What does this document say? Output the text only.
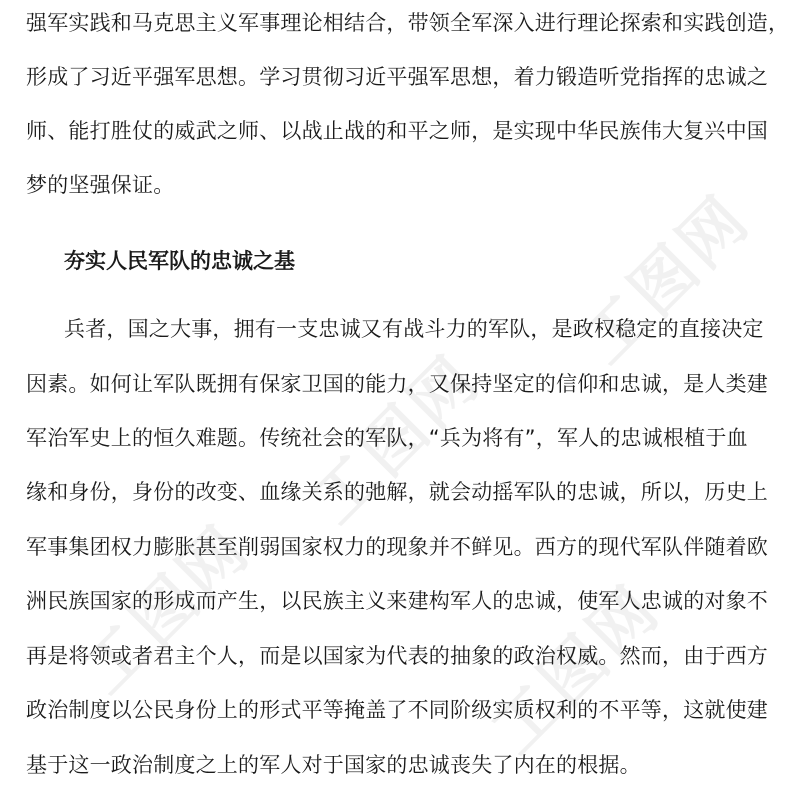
工图网
工图网
工图网	工图网
强军实践和马克思主义军事理论相结合，带领全军深入进行理论探索和实践创造，
形成了习近平强军思想。学习贯彻习近平强军思想，着力锻造听党指挥的忠诚之
师、能打胜仗的威武之师、以战止战的和平之师，是实现中华民族伟大复兴中国
梦的坚强保证。
夯实人民军队的忠诚之基
兵者，国之大事，拥有一支忠诚又有战斗力的军队，是政权稳定的直接决定
因素。如何让军队既拥有保家卫国的能力，又保持坚定的信仰和忠诚，是人类建
军治军史上的恒久难题。传统社会的军队，“兵为将有”，军人的忠诚根植于血
缘和身份，身份的改变、血缘关系的弛解，就会动摇军队的忠诚，所以，历史上
军事集团权力膨胀甚至削弱国家权力的现象并不鲜见。西方的现代军队伴随着欧
洲民族国家的形成而产生，以民族主义来建构军人的忠诚，使军人忠诚的对象不
再是将领或者君主个人，而是以国家为代表的抽象的政治权威。然而，由于西方
政治制度以公民身份上的形式平等掩盖了不同阶级实质权利的不平等，这就使建
基于这一政治制度之上的军人对于国家的忠诚丧失了内在的根据。
